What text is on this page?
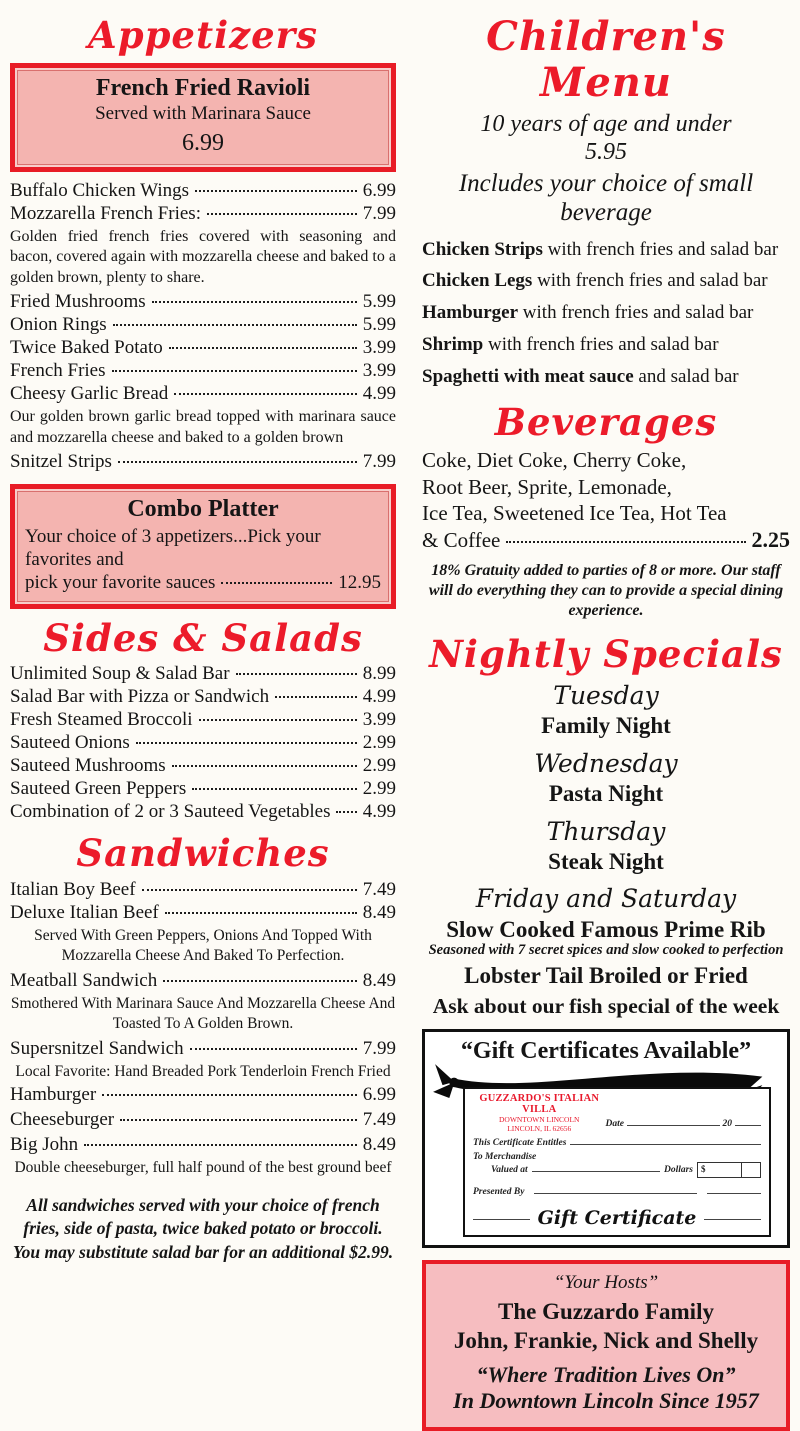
Appetizers
French Fried Ravioli
Served with Marinara Sauce
6.99
Buffalo Chicken Wings	6.99
Mozzarella French Fries:	7.99
Golden fried french fries covered with seasoning and bacon, covered again with mozzarella cheese and baked to a golden brown, plenty to share.
Fried Mushrooms	5.99
Onion Rings	5.99
Twice Baked Potato	3.99
French Fries	3.99
Cheesy Garlic Bread	4.99
Our golden brown garlic bread topped with marinara sauce and mozzarella cheese and baked to a golden brown
Snitzel Strips	7.99
Combo Platter
Your choice of 3 appetizers...Pick your favorites and
pick your favorite sauces	12.95
Sides & Salads
Unlimited Soup & Salad Bar	8.99
Salad Bar with Pizza or Sandwich	4.99
Fresh Steamed Broccoli	3.99
Sauteed Onions	2.99
Sauteed Mushrooms	2.99
Sauteed Green Peppers	2.99
Combination of 2 or 3 Sauteed Vegetables 4.99
Sandwiches
Italian Boy Beef	7.49
Deluxe Italian Beef	8.49
Served With Green Peppers, Onions And Topped With Mozzarella Cheese And Baked To Perfection.
Meatball Sandwich	8.49
Smothered With Marinara Sauce And Mozzarella Cheese And Toasted To A Golden Brown.
Supersnitzel Sandwich	7.99
Local Favorite: Hand Breaded Pork Tenderloin French Fried
Hamburger	6.99
Cheeseburger	7.49
Big John	8.49
Double cheeseburger, full half pound of the best ground beef
All sandwiches served with your choice of french fries, side of pasta, twice baked potato or broccoli. You may substitute salad bar for an additional $2.99.
Children's Menu
10 years of age and under
5.95
Includes your choice of small beverage
Chicken Strips with french fries and salad bar
Chicken Legs with french fries and salad bar
Hamburger with french fries and salad bar
Shrimp with french fries and salad bar
Spaghetti with meat sauce and salad bar
Beverages
Coke, Diet Coke, Cherry Coke,
Root Beer, Sprite, Lemonade,
Ice Tea, Sweetened Ice Tea, Hot Tea
& Coffee	2.25
18% Gratuity added to parties of 8 or more. Our staff will do everything they can to provide a special dining experience.
Nightly Specials
Tuesday
Family Night
Wednesday
Pasta Night
Thursday
Steak Night
Friday and Saturday
Slow Cooked Famous Prime Rib
Seasoned with 7 secret spices and slow cooked to perfection
Lobster Tail Broiled or Fried
Ask about our fish special of the week
“Gift Certificates Available”
GUZZARDO'S ITALIAN VILLA
DOWNTOWN LINCOLN
LINCOLN, IL 62656	Date	20
This Certificate Entitles
To Merchandise
Valued at	Dollars $
Presented By
Gift Certificate
“Your Hosts”
The Guzzardo Family
John, Frankie, Nick and Shelly
“Where Tradition Lives On”
In Downtown Lincoln Since 1957
